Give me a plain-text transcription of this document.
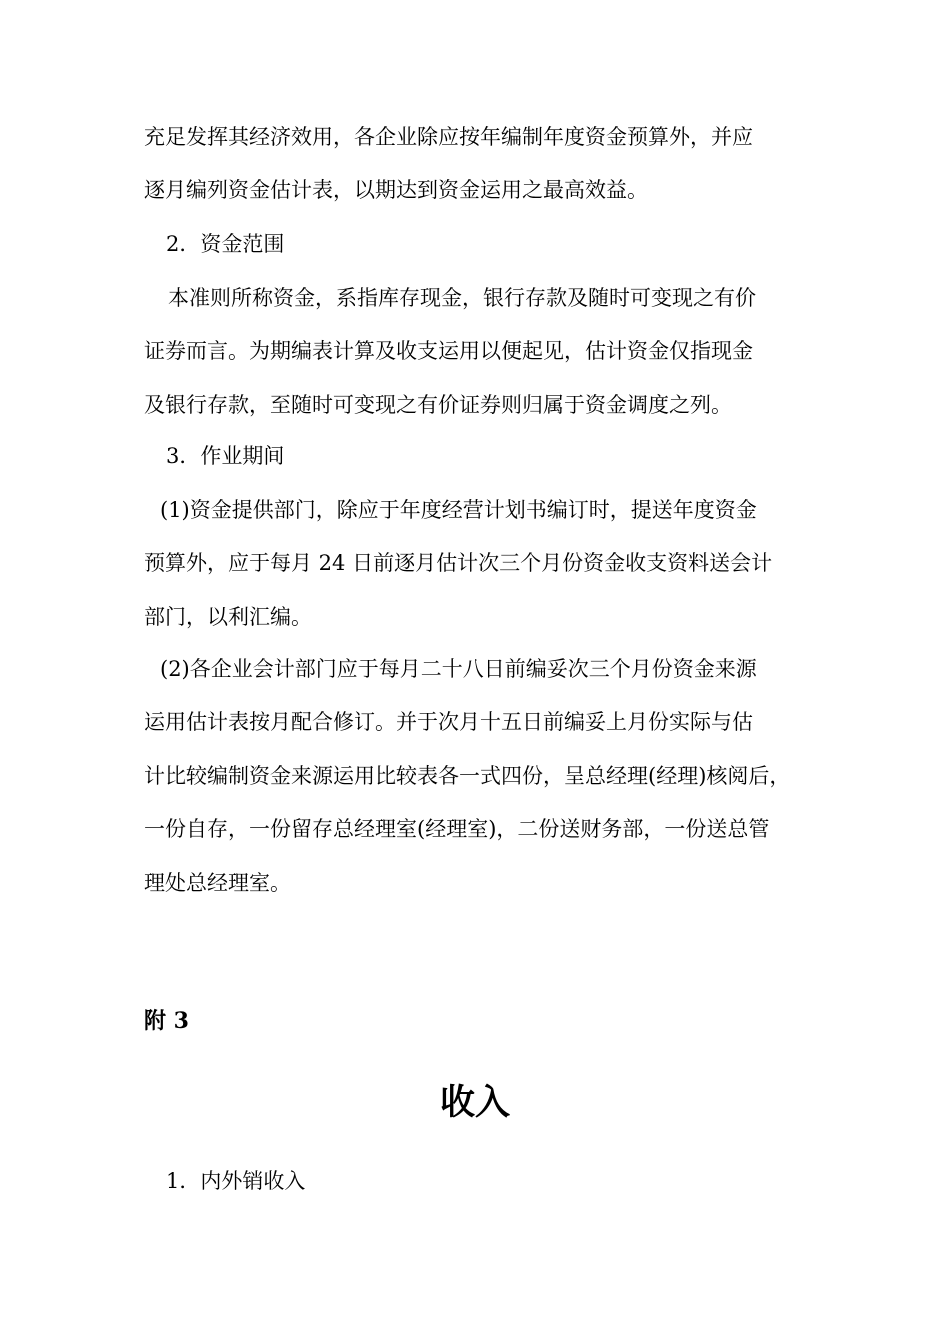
充足发挥其经济效用，各企业除应按年编制年度资金预算外，并应
逐月编列资金估计表，以期达到资金运用之最高效益。
2．资金范围
本准则所称资金，系指库存现金，银行存款及随时可变现之有价
证券而言。为期编表计算及收支运用以便起见，估计资金仅指现金
及银行存款，至随时可变现之有价证券则归属于资金调度之列。
3．作业期间
(1)资金提供部门，除应于年度经营计划书编订时，提送年度资金
预算外，应于每月 24 日前逐月估计次三个月份资金收支资料送会计
部门，以利汇编。
(2)各企业会计部门应于每月二十八日前编妥次三个月份资金来源
运用估计表按月配合修订。并于次月十五日前编妥上月份实际与估
计比较编制资金来源运用比较表各一式四份，呈总经理(经理)核阅后，
一份自存，一份留存总经理室(经理室)，二份送财务部，一份送总管
理处总经理室。
附 3
收入
1．内外销收入
